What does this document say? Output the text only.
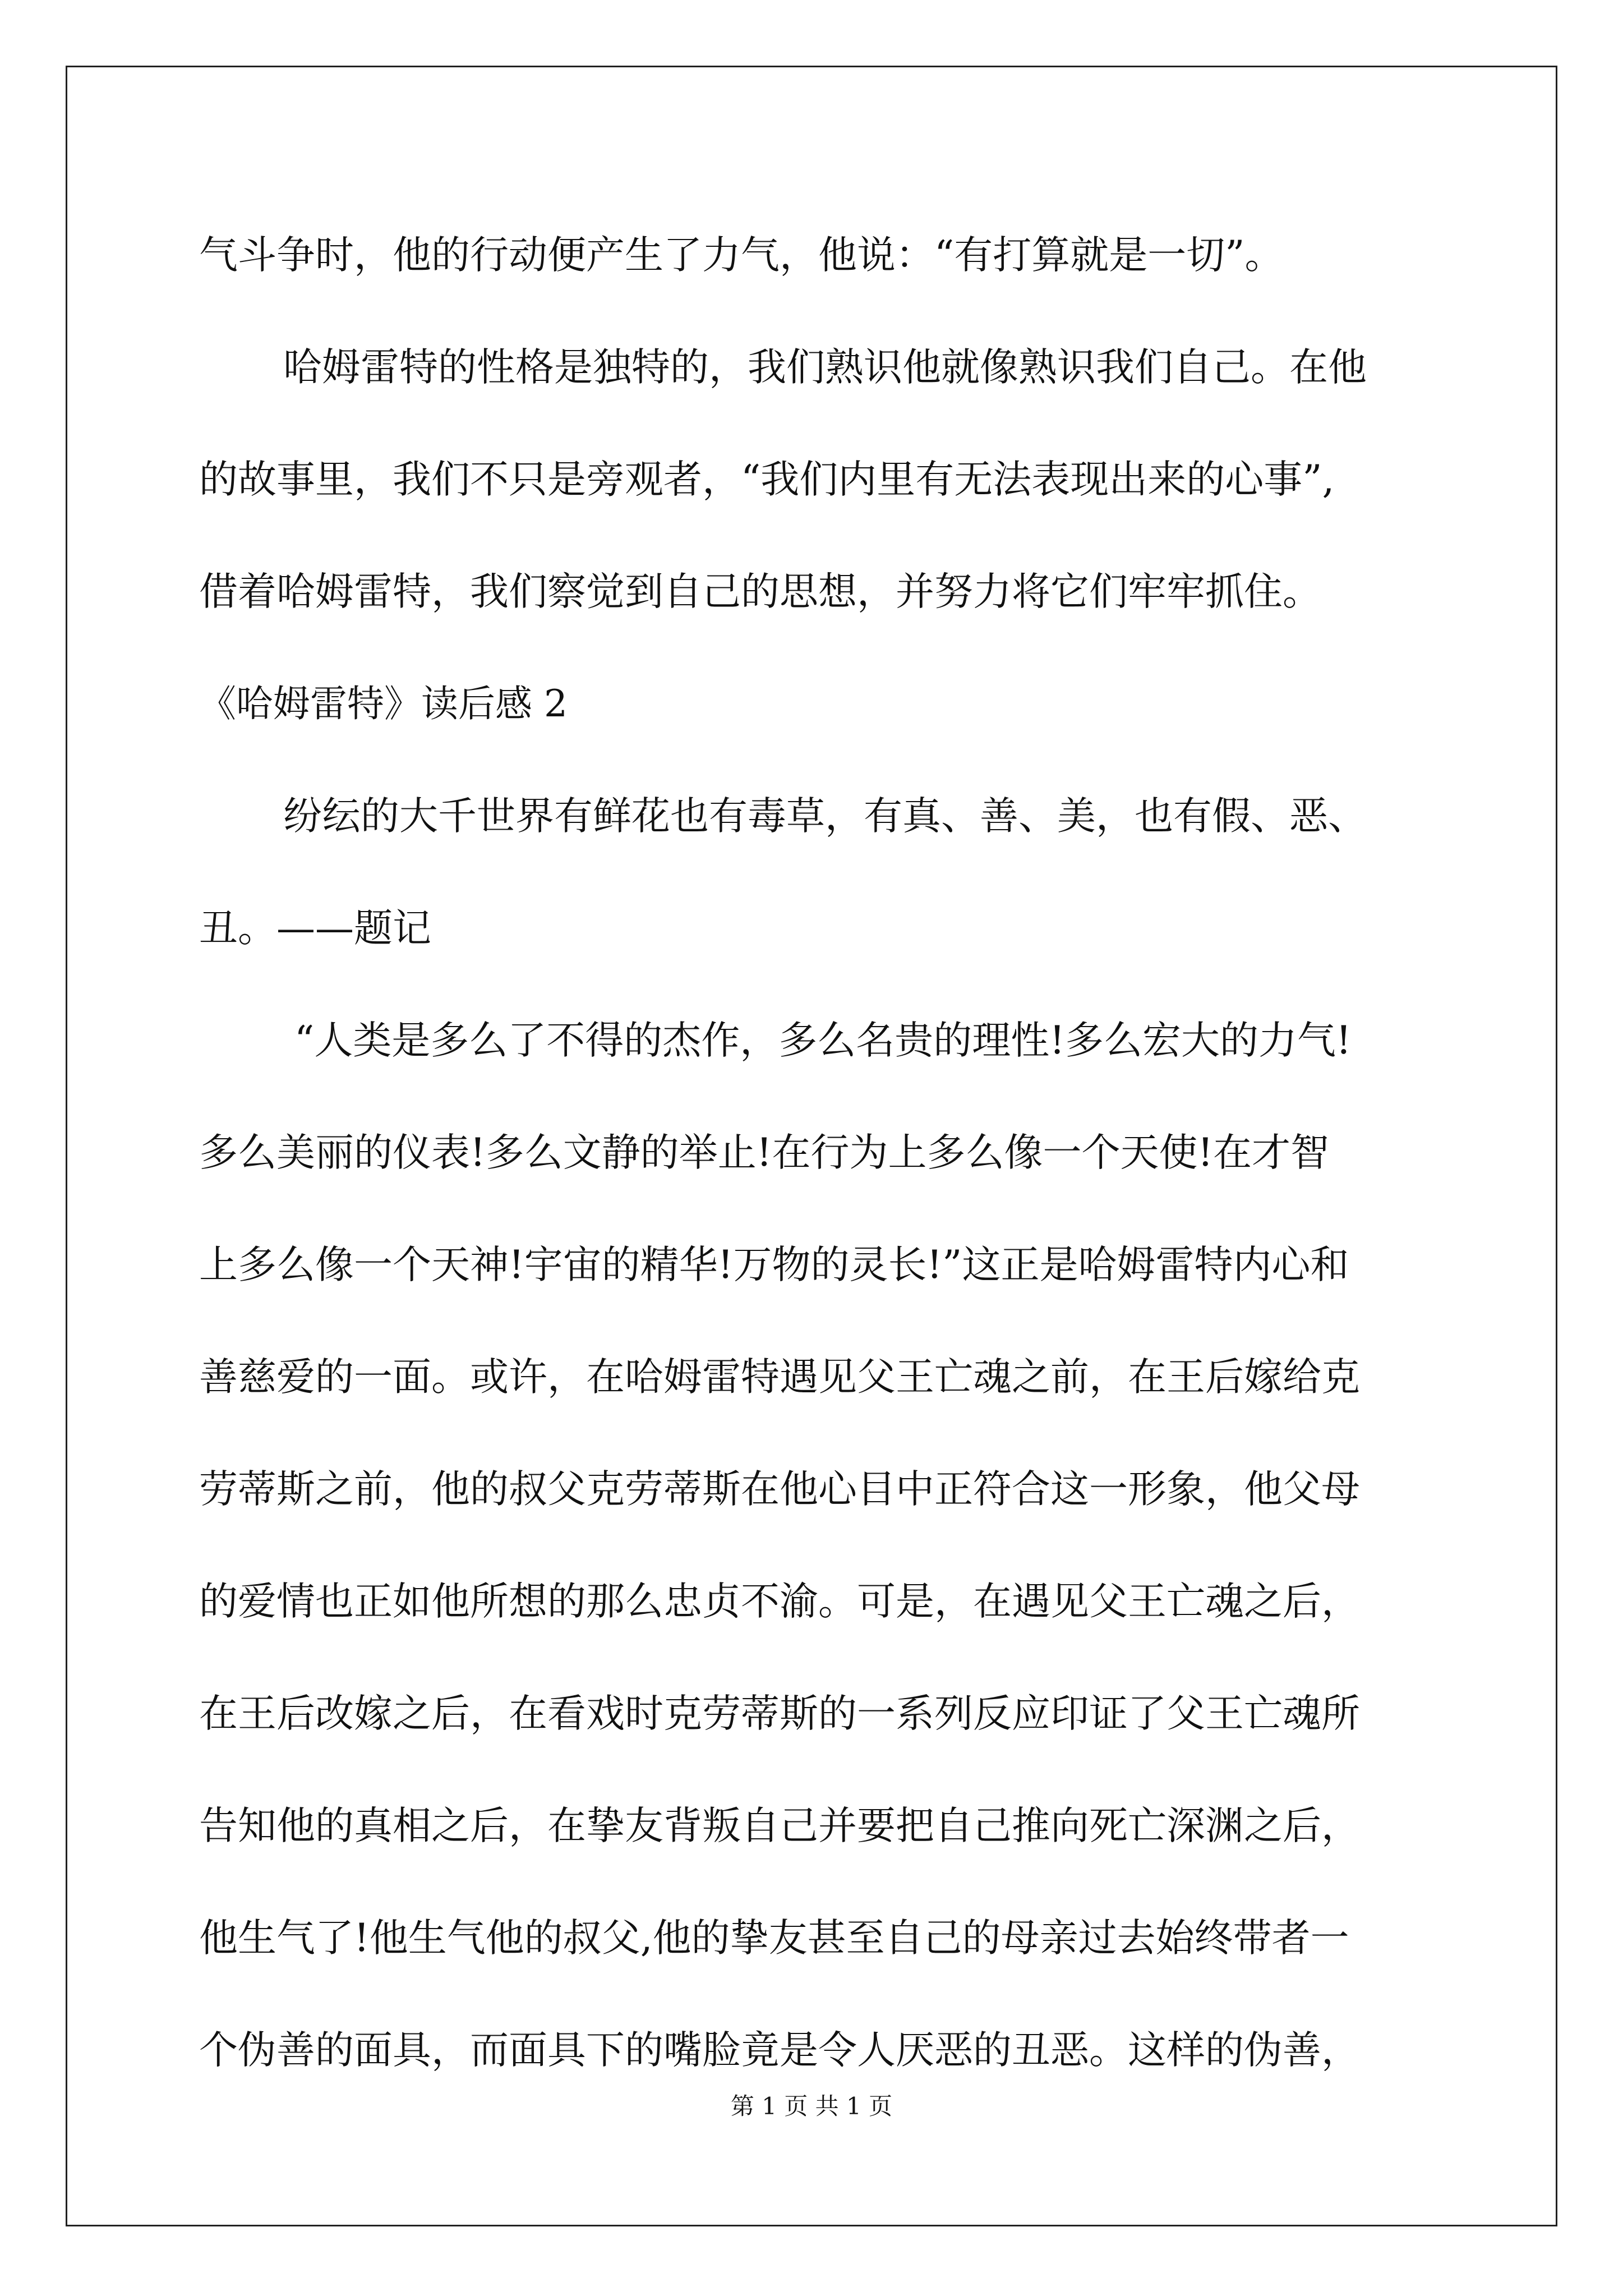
气斗争时，他的行动便产生了力气，他说：“有打算就是一切”。
哈姆雷特的性格是独特的，我们熟识他就像熟识我们自己。在他
的故事里，我们不只是旁观者，“我们内里有无法表现出来的心事”,
借着哈姆雷特，我们察觉到自己的思想，并努力将它们牢牢抓住。
《哈姆雷特》读后感 2
纷纭的大千世界有鲜花也有毒草，有真、善、美，也有假、恶、
丑。——题记
“人类是多么了不得的杰作，多么名贵的理性!多么宏大的力气!
多么美丽的仪表!多么文静的举止!在行为上多么像一个天使!在才智
上多么像一个天神!宇宙的精华!万物的灵长!”这正是哈姆雷特内心和
善慈爱的一面。或许，在哈姆雷特遇见父王亡魂之前，在王后嫁给克
劳蒂斯之前，他的叔父克劳蒂斯在他心目中正符合这一形象，他父母
的爱情也正如他所想的那么忠贞不渝。可是，在遇见父王亡魂之后，
在王后改嫁之后，在看戏时克劳蒂斯的一系列反应印证了父王亡魂所
告知他的真相之后，在挚友背叛自己并要把自己推向死亡深渊之后，
他生气了!他生气他的叔父,他的挚友甚至自己的母亲过去始终带者一
个伪善的面具，而面具下的嘴脸竟是令人厌恶的丑恶。这样的伪善，
第 1 页 共 1 页
